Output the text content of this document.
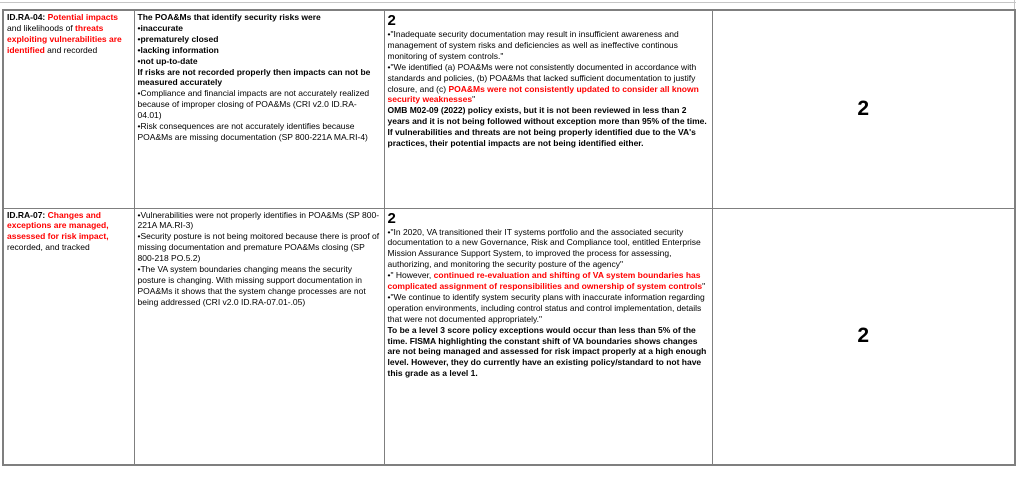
ID.RA-04: Potential impacts and likelihoods of threats exploiting vulnerabilities are identified and recorded

The POA&Ms that identify security risks were
•inaccurate
•prematurely closed
•lacking information
•not up-to-date
If risks are not recorded properly then impacts can not be measured accurately
•Compliance and financial impacts are not accurately realized because of improper closing of POA&Ms (CRI v2.0 ID.RA-04.01)
•Risk consequences are not accurately identifies because POA&Ms are missing documentation (SP 800-221A MA.RI-4)

2
•"Inadequate security documentation may result in insufficient awareness and management of system risks and deficiencies as well as ineffective continous monitoring of system controls."
•"We identified (a) POA&Ms were not consistently documented in accordance with standards and policies, (b) POA&Ms that lacked sufficient documentation to justify closure, and (c) POA&Ms were not consistently updated to consider all known security weaknesses"
OMB M02-09 (2022) policy exists, but it is not been reviewed in less than 2 years and it is not being followed without exception more than 95% of the time. If vulnerabilities and threats are not being properly identified due to the VA's practices, their potential impacts are not being identified either.
	2

ID.RA-07: Changes and exceptions are managed, assessed for risk impact, recorded, and tracked

•Vulnerabilities were not properly identifies in POA&Ms (SP 800-221A MA.RI-3)
•Security posture is not being moitored because there is proof of missing documentation and premature POA&Ms closing (SP 800-218 PO.5.2)
•The VA system boundaries changing means the security posture is changing. With missing support documentation in POA&Ms it shows that the system change processes are not being addressed (CRI v2.0 ID.RA-07.01-.05)

2
•"In 2020, VA transitioned their IT systems portfolio and the associated security documentation to a new Governance, Risk and Compliance tool, entitled Enterprise Mission Assurance Support System, to improved the process for assessing, authorizing, and monitoring the security posture of the agency"
•" However, continued re-evaluation and shifting of VA system boundaries has complicated assignment of responsibilities and ownership of system controls"
•"We continue to identify system security plans with inaccurate information regarding operation environments, including control status and control implementation, details that were not documented appropriately."
To be a level 3 score policy exceptions would occur than less than 5% of the time. FISMA highlighting the constant shift of VA boundaries shows changes are not being managed and assessed for risk impact properly at a high enough level. However, they do currently have an existing policy/standard to not have this grade as a level 1.
	2
